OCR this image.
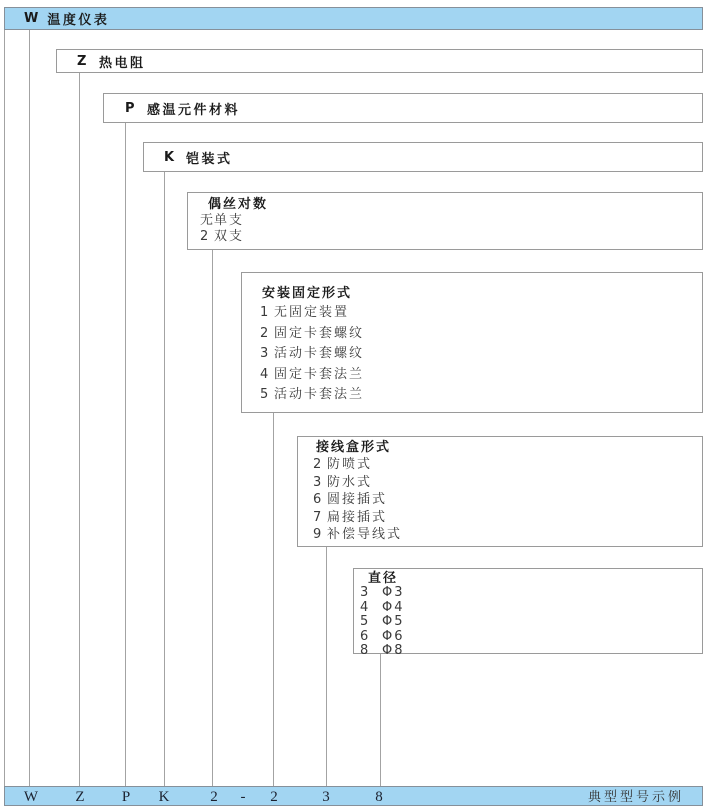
W 温度仪表
Z 热电阻
P 感温元件材料
K 铠装式
偶丝对数
无单支
2 双支
安装固定形式
1 无固定装置
2 固定卡套螺纹
3 活动卡套螺纹
4 固定卡套法兰
5 活动卡套法兰
接线盒形式
2 防喷式
3 防水式
6 圆接插式
7 扁接插式
9 补偿导线式
直径
3 Φ3
4 Φ4
5 Φ5
6 Φ6
8 Φ8
W Z P K	2 - 2	3	8	典型型号示例
